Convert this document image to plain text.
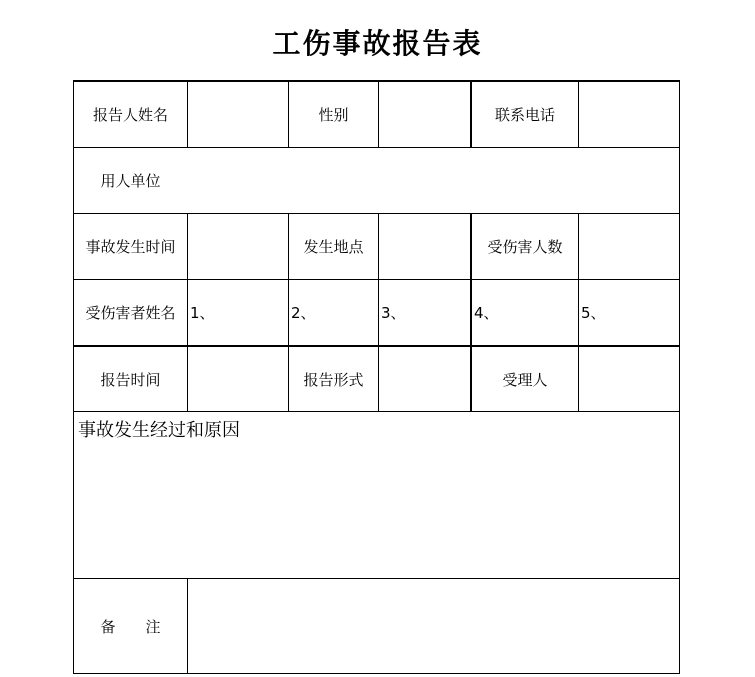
工伤事故报告表
报告人姓名	性别	联系电话
用人单位
事故发生时间	发生地点	受伤害人数
受伤害者姓名 1、	2、	3、	4、	5、
报告时间	报告形式	受理人
事故发生经过和原因
备　　注
